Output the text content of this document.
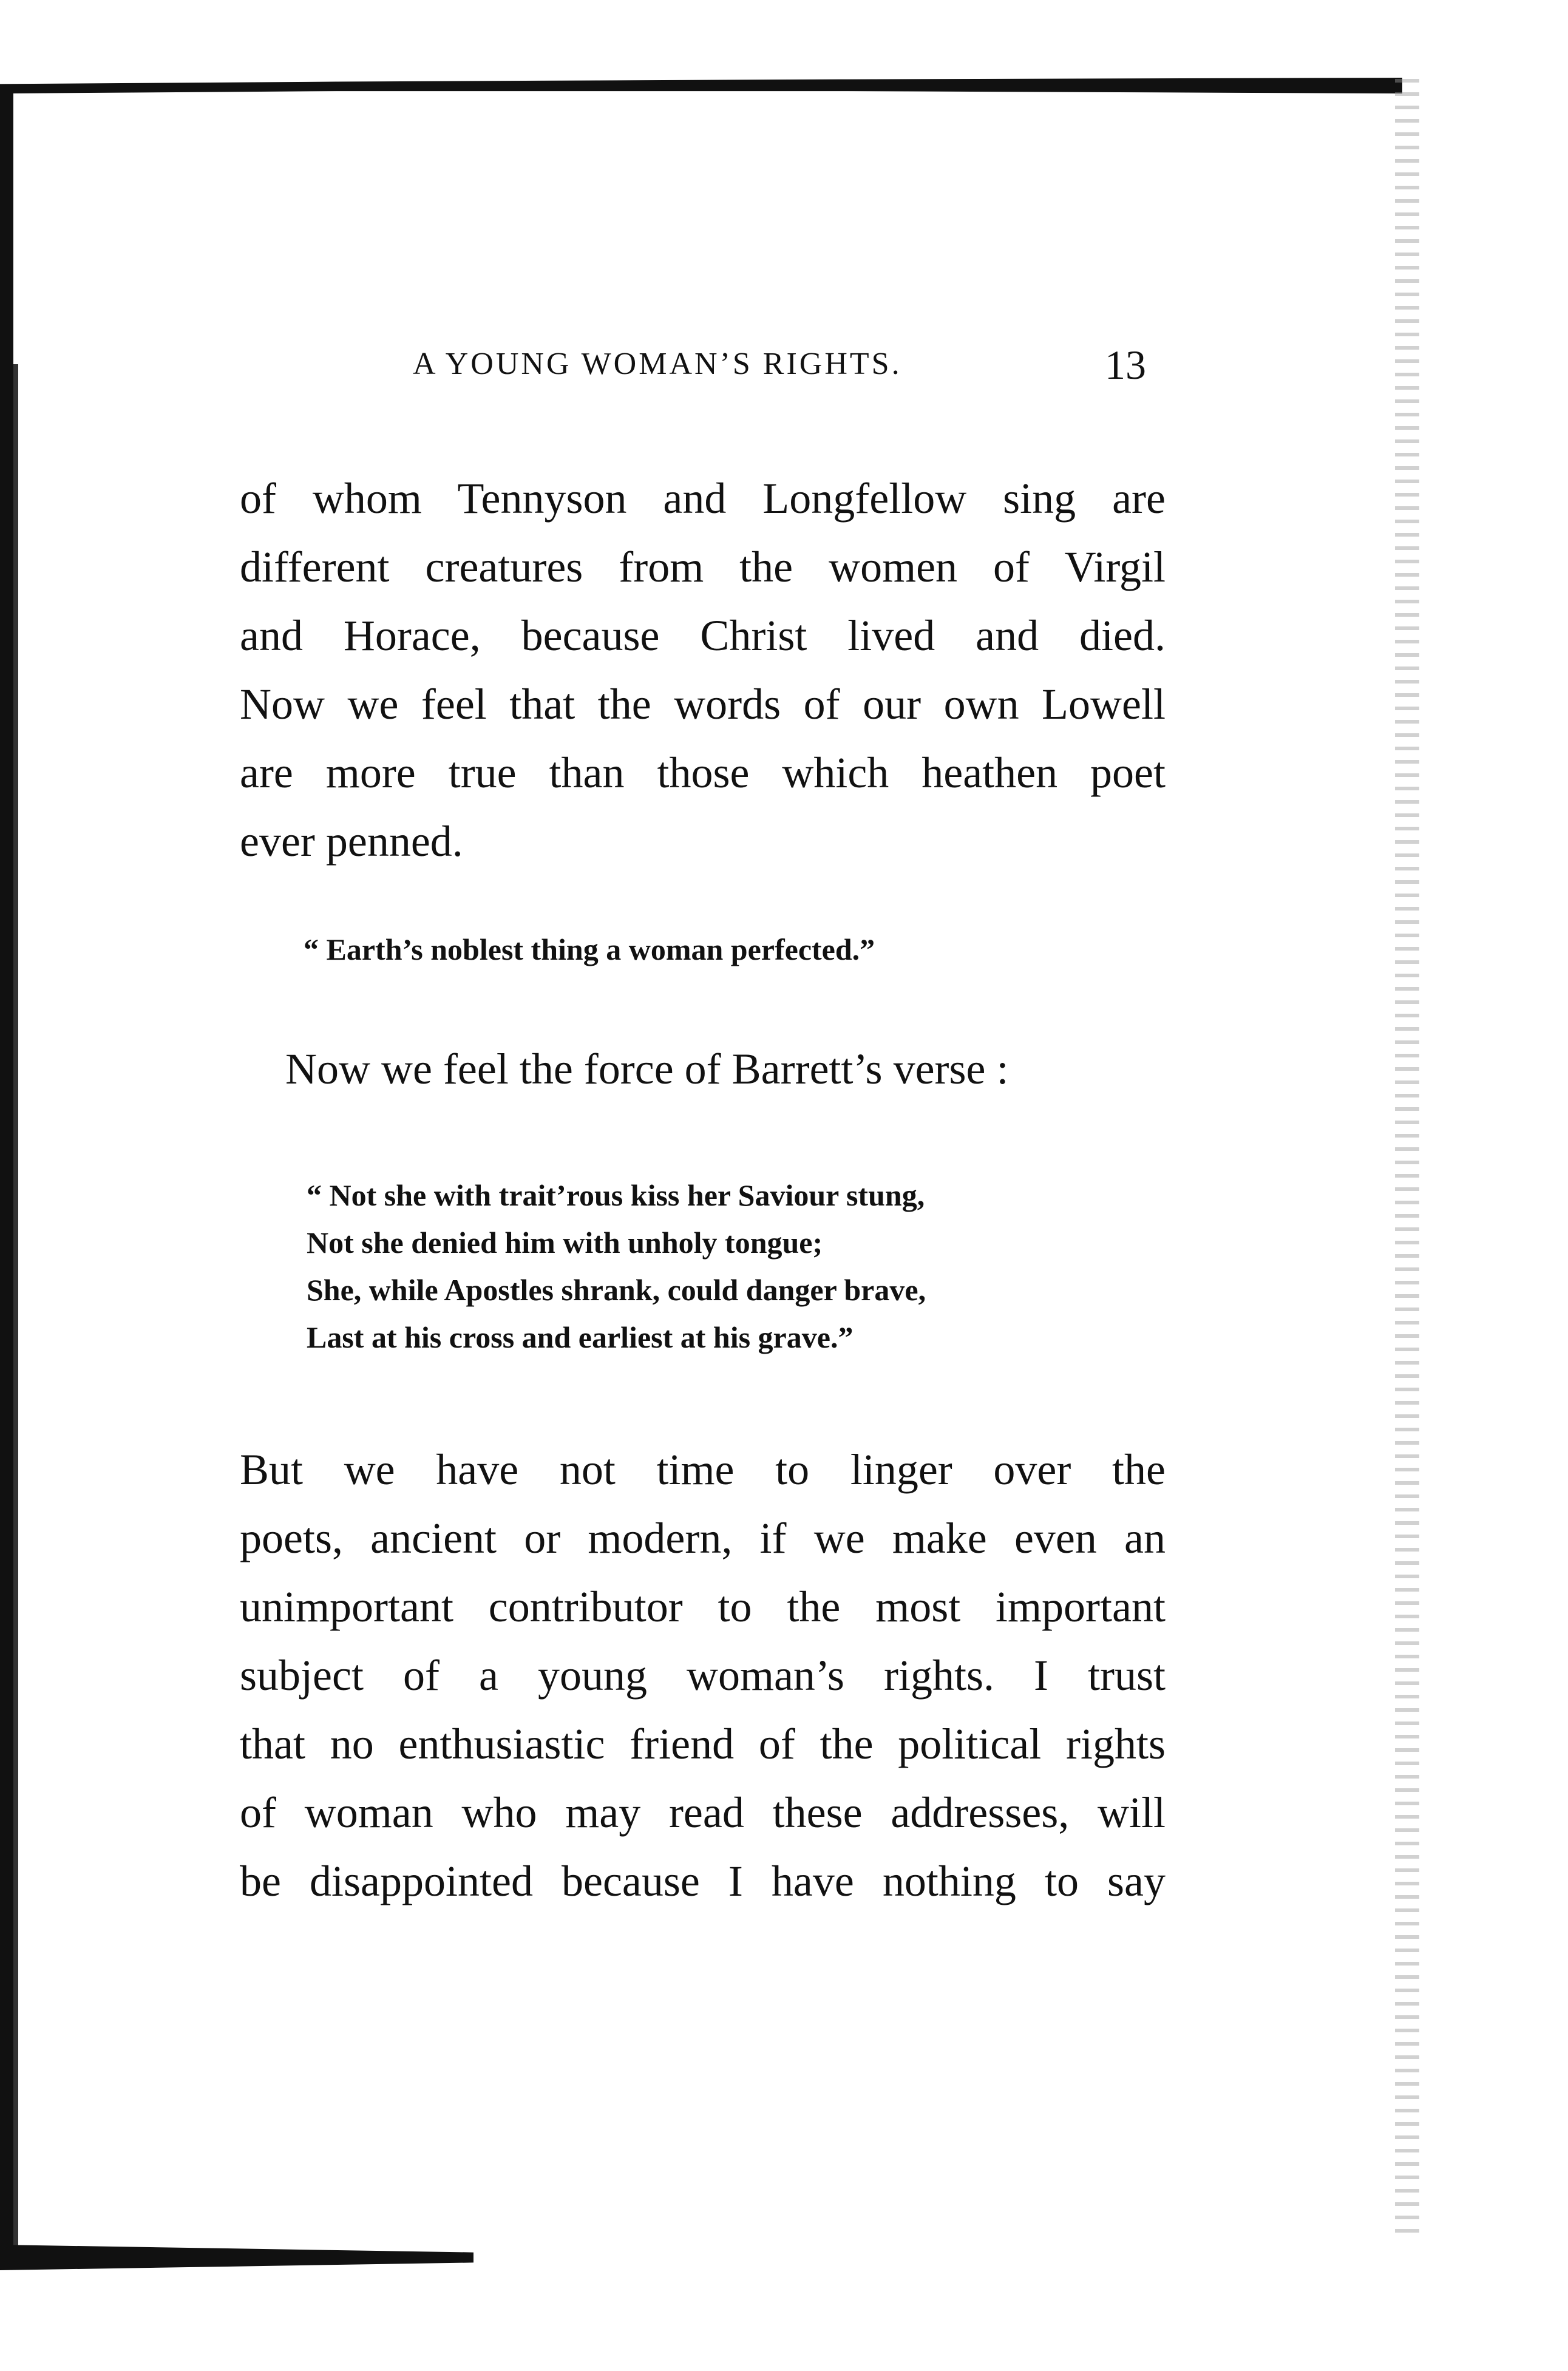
A YOUNG WOMAN’S RIGHTS.	13

of whom Tennyson and Longfellow sing are
different creatures from the women of Virgil
and Horace, because Christ lived and died.
Now we feel that the words of our own Lowell
are more true than those which heathen poet
ever penned.

“ Earth’s noblest thing a woman perfected.”

Now we feel the force of Barrett’s verse :

“ Not she with trait’rous kiss her Saviour stung,
Not she denied him with unholy tongue;
She, while Apostles shrank, could danger brave,
Last at his cross and earliest at his grave.”

But we have not time to linger over the
poets, ancient or modern, if we make even an
unimportant contributor to the most important
subject of a young woman’s rights. I trust
that no enthusiastic friend of the political rights
of woman who may read these addresses, will
be disappointed because I have nothing to say
